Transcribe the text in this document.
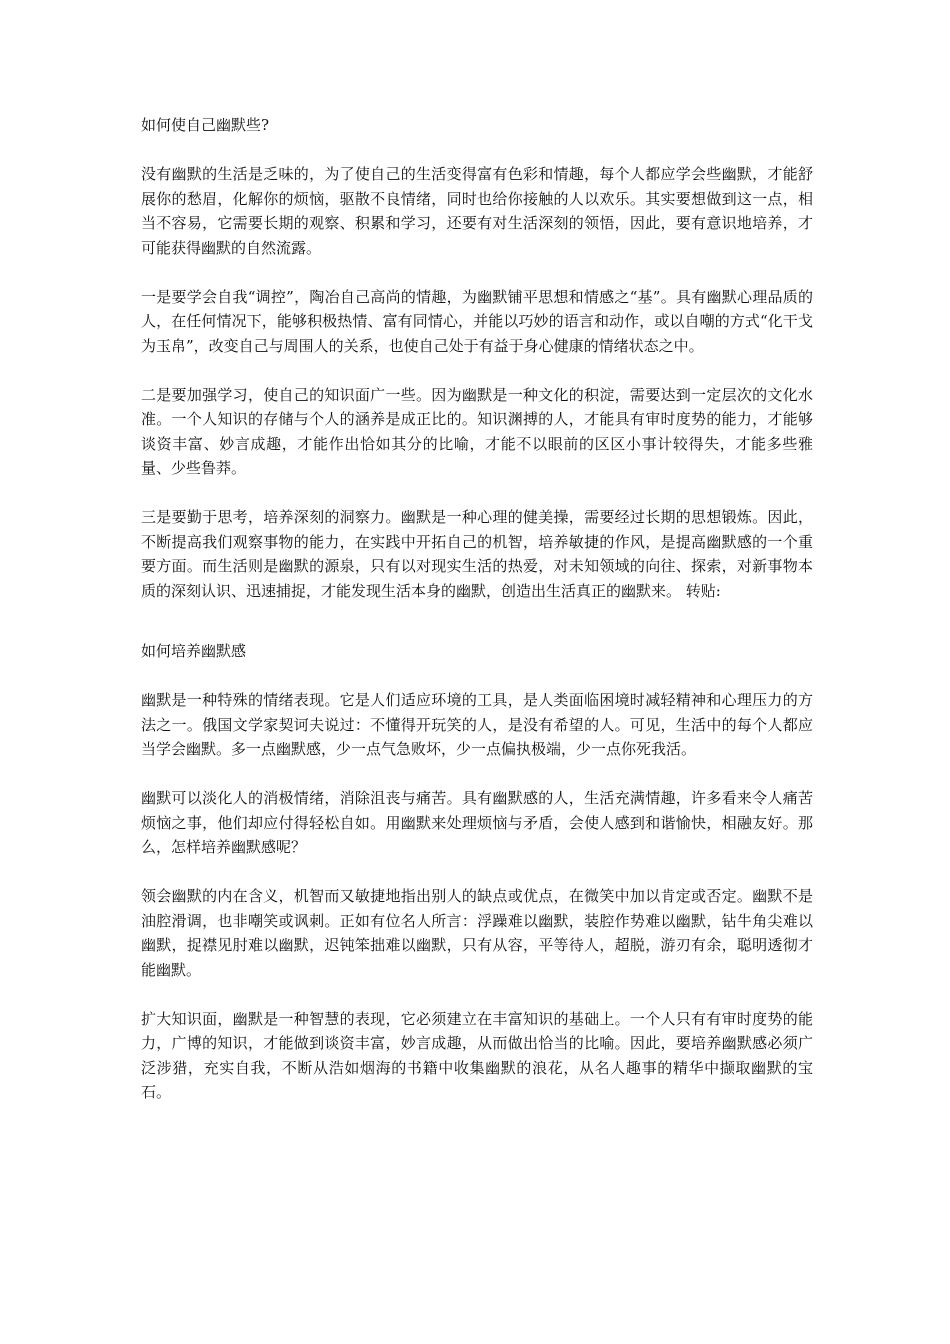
如何使自己幽默些?

没有幽默的生活是乏味的，为了使自己的生活变得富有色彩和情趣，每个人都应学会些幽默，才能舒展你的愁眉，化解你的烦恼，驱散不良情绪，同时也给你接触的人以欢乐。其实要想做到这一点，相当不容易，它需要长期的观察、积累和学习，还要有对生活深刻的领悟，因此，要有意识地培养，才可能获得幽默的自然流露。

一是要学会自我“调控”，陶冶自己高尚的情趣，为幽默铺平思想和情感之“基”。具有幽默心理品质的人，在任何情况下，能够积极热情、富有同情心，并能以巧妙的语言和动作，或以自嘲的方式“化干戈为玉帛”，改变自己与周围人的关系，也使自己处于有益于身心健康的情绪状态之中。

二是要加强学习，使自己的知识面广一些。因为幽默是一种文化的积淀，需要达到一定层次的文化水准。一个人知识的存储与个人的涵养是成正比的。知识渊搏的人，才能具有审时度势的能力，才能够谈资丰富、妙言成趣，才能作出恰如其分的比喻，才能不以眼前的区区小事计较得失，才能多些雅量、少些鲁莽。

三是要勤于思考，培养深刻的洞察力。幽默是一种心理的健美操，需要经过长期的思想锻炼。因此，不断提高我们观察事物的能力，在实践中开拓自己的机智，培养敏捷的作风，是提高幽默感的一个重要方面。而生活则是幽默的源泉，只有以对现实生活的热爱，对未知领域的向往、探索，对新事物本质的深刻认识、迅速捕捉，才能发现生活本身的幽默，创造出生活真正的幽默来。 转贴:

如何培养幽默感

幽默是一种特殊的情绪表现。它是人们适应环境的工具，是人类面临困境时减轻精神和心理压力的方法之一。俄国文学家契诃夫说过：不懂得开玩笑的人，是没有希望的人。可见，生活中的每个人都应当学会幽默。多一点幽默感，少一点气急败坏，少一点偏执极端，少一点你死我活。

幽默可以淡化人的消极情绪，消除沮丧与痛苦。具有幽默感的人，生活充满情趣，许多看来令人痛苦烦恼之事，他们却应付得轻松自如。用幽默来处理烦恼与矛盾，会使人感到和谐愉快，相融友好。那么，怎样培养幽默感呢？

领会幽默的内在含义，机智而又敏捷地指出别人的缺点或优点，在微笑中加以肯定或否定。幽默不是油腔滑调，也非嘲笑或讽刺。正如有位名人所言：浮躁难以幽默，装腔作势难以幽默，钻牛角尖难以幽默，捉襟见肘难以幽默，迟钝笨拙难以幽默，只有从容，平等待人，超脱，游刃有余，聪明透彻才能幽默。

扩大知识面，幽默是一种智慧的表现，它必须建立在丰富知识的基础上。一个人只有有审时度势的能力，广博的知识，才能做到谈资丰富，妙言成趣，从而做出恰当的比喻。因此，要培养幽默感必须广泛涉猎，充实自我，不断从浩如烟海的书籍中收集幽默的浪花，从名人趣事的精华中撷取幽默的宝石。
